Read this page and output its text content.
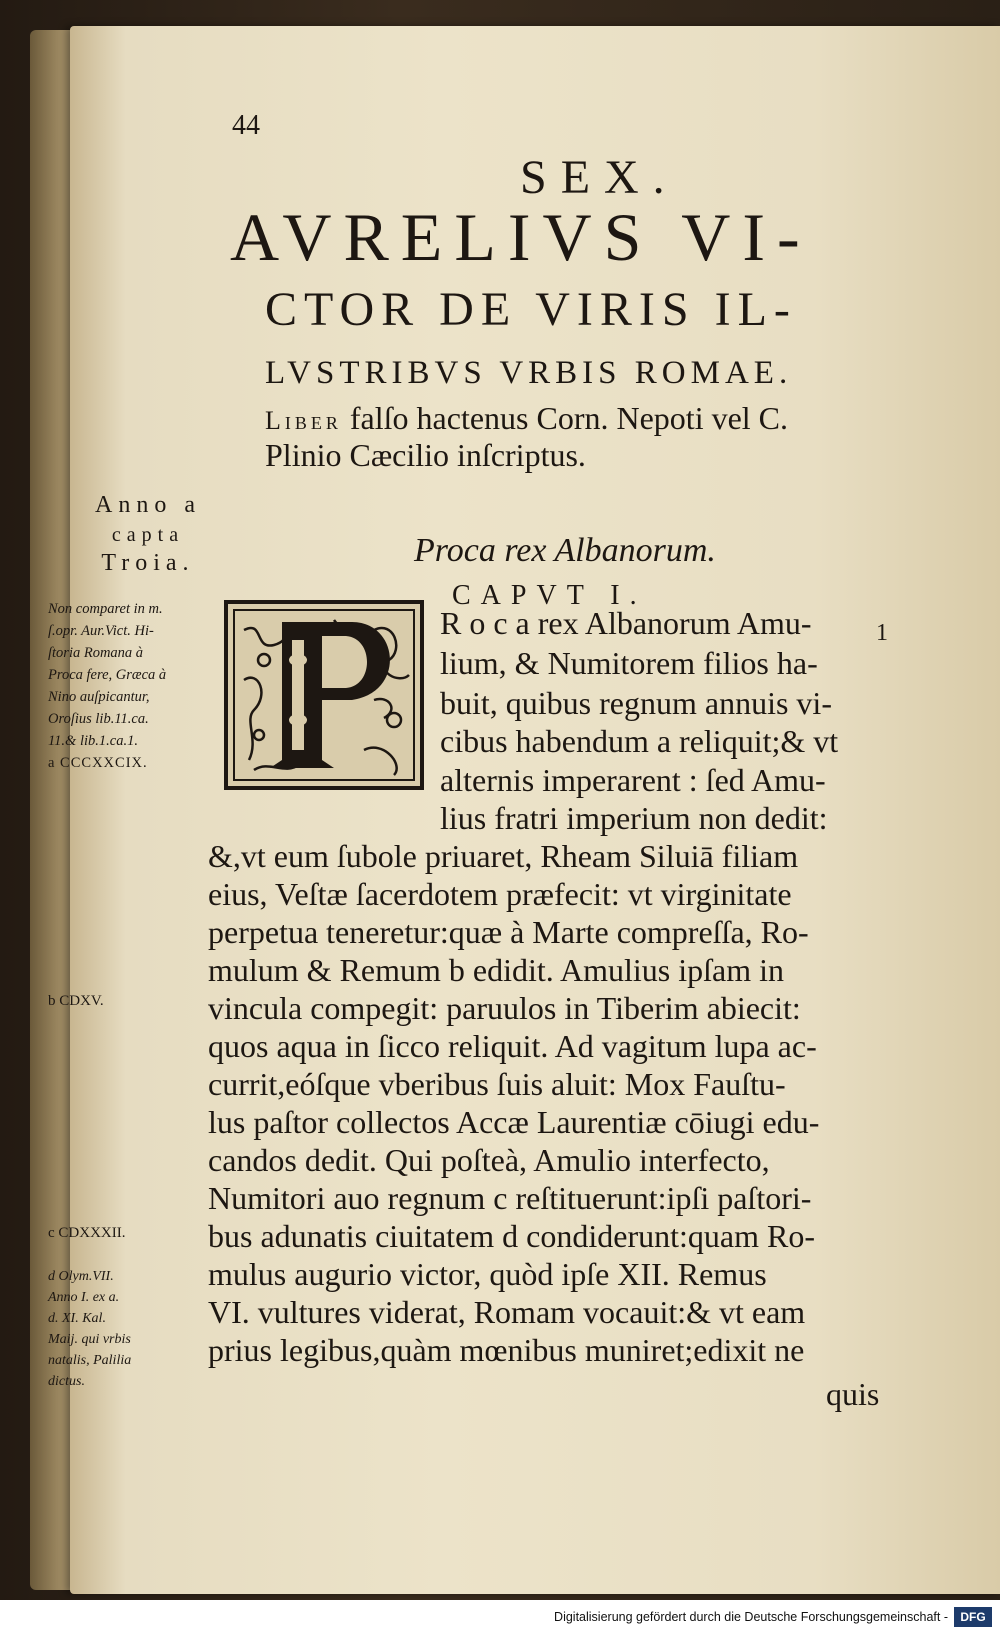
44
SEX.
AVRELIVS VI-
CTOR DE VIRIS IL-
LVSTRIBVS VRBIS ROMAE.
Liber falſo hactenus Corn. Nepoti vel C.
Plinio Cæcilio inſcriptus.
Anno a
capta
Troia.	Proca rex Albanorum.
CAPVT I.
Non comparet in m.
ſ.opr. Aur.Vict. Hi-
ſtoria Romana à
Proca fere, Græca à
Nino auſpicantur,
Oroſius lib.11.ca.
11.& lib.1.ca.1.
a CCCXXCIX.
b CDXV.
c CDXXXII.
d Olym.VII.
Anno I. ex a.
d. XI. Kal.
Maij. qui vrbis
natalis, Palilia
dictus.
1
R o c a rex Albanorum Amu-
lium, & Numitorem filios ha-
buit, quibus regnum annuis vi-
cibus habendum a reliquit;& vt
alternis imperarent : ſed Amu-
lius fratri imperium non dedit:
&,vt eum ſubole priuaret, Rheam Siluiā filiam
eius, Veſtæ ſacerdotem præfecit: vt virginitate
perpetua teneretur:quæ à Marte compreſſa, Ro-
mulum & Remum b edidit. Amulius ipſam in
vincula compegit: paruulos in Tiberim abiecit:
quos aqua in ſicco reliquit. Ad vagitum lupa ac-
currit,eóſque vberibus ſuis aluit: Mox Fauſtu-
lus paſtor collectos Accæ Laurentiæ cōiugi edu-
candos dedit. Qui poſteà, Amulio interfecto,
Numitori auo regnum c reſtituerunt:ipſi paſtori-
bus adunatis ciuitatem d condiderunt:quam Ro-
mulus augurio victor, quòd ipſe XII. Remus
VI. vultures viderat, Romam vocauit:& vt eam
prius legibus,quàm mœnibus muniret;edixit ne
quis
Digitalisierung gefördert durch die Deutsche Forschungsgemeinschaft -	DFG
